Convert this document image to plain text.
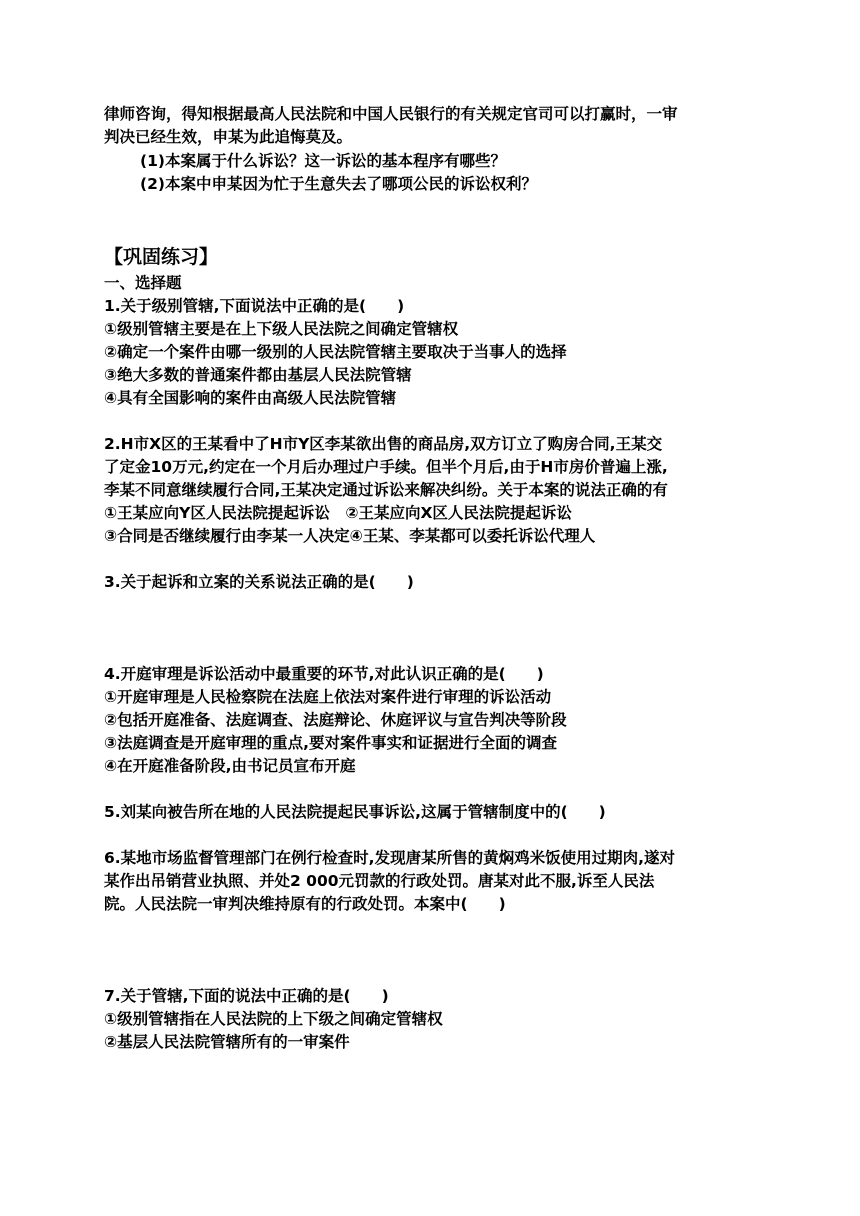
律师咨询，得知根据最高人民法院和中国人民银行的有关规定官司可以打赢时，一审
判决已经生效，申某为此追悔莫及。
(1)本案属于什么诉讼？这一诉讼的基本程序有哪些？
(2)本案中申某因为忙于生意失去了哪项公民的诉讼权利？
【巩固练习】
一、选择题
1.关于级别管辖,下面说法中正确的是(　　)
①级别管辖主要是在上下级人民法院之间确定管辖权
②确定一个案件由哪一级别的人民法院管辖主要取决于当事人的选择
③绝大多数的普通案件都由基层人民法院管辖
④具有全国影响的案件由高级人民法院管辖
2.H市X区的王某看中了H市Y区李某欲出售的商品房,双方订立了购房合同,王某交
了定金10万元,约定在一个月后办理过户手续。但半个月后,由于H市房价普遍上涨,
李某不同意继续履行合同,王某决定通过诉讼来解决纠纷。关于本案的说法正确的有
①王某应向Y区人民法院提起诉讼　②王某应向X区人民法院提起诉讼
③合同是否继续履行由李某一人决定④王某、李某都可以委托诉讼代理人
3.关于起诉和立案的关系说法正确的是(　　)
4.开庭审理是诉讼活动中最重要的环节,对此认识正确的是(　　)
①开庭审理是人民检察院在法庭上依法对案件进行审理的诉讼活动
②包括开庭准备、法庭调查、法庭辩论、休庭评议与宣告判决等阶段
③法庭调查是开庭审理的重点,要对案件事实和证据进行全面的调查
④在开庭准备阶段,由书记员宣布开庭
5.刘某向被告所在地的人民法院提起民事诉讼,这属于管辖制度中的(　　)
6.某地市场监督管理部门在例行检查时,发现唐某所售的黄焖鸡米饭使用过期肉,遂对
某作出吊销营业执照、并处2 000元罚款的行政处罚。唐某对此不服,诉至人民法
院。人民法院一审判决维持原有的行政处罚。本案中(　　)
7.关于管辖,下面的说法中正确的是(　　)
①级别管辖指在人民法院的上下级之间确定管辖权
②基层人民法院管辖所有的一审案件
